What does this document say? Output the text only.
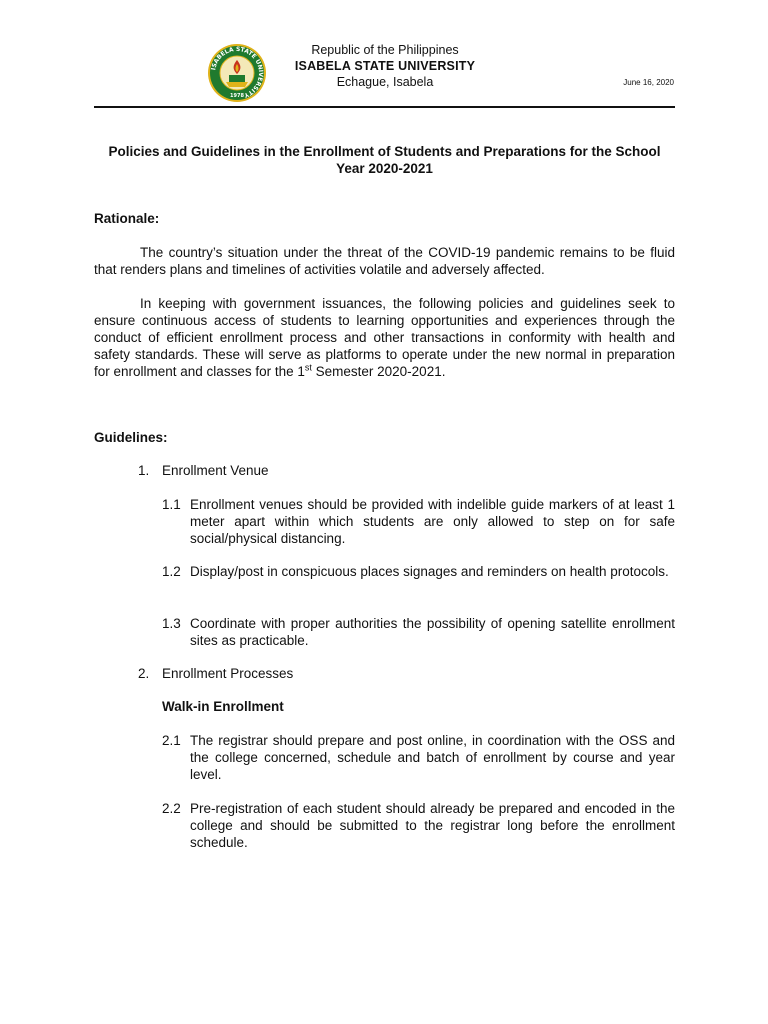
ISABELA STATE UNIVERSITY
1978
Republic of the Philippines
ISABELA STATE UNIVERSITY
Echague, Isabela	June 16, 2020
Policies and Guidelines in the Enrollment of Students and Preparations for the School Year 2020-2021
Rationale:
The country’s situation under the threat of the COVID-19 pandemic remains to be fluid that renders plans and timelines of activities volatile and adversely affected.
In keeping with government issuances, the following policies and guidelines seek to ensure continuous access of students to learning opportunities and experiences through the conduct of efficient enrollment process and other transactions in conformity with health and safety standards. These will serve as platforms to operate under the new normal in preparation for enrollment and classes for the 1st Semester 2020-2021.
Guidelines:
1. Enrollment Venue
1.1 Enrollment venues should be provided with indelible guide markers of at least 1 meter apart within which students are only allowed to step on for safe social/physical distancing.
1.2 Display/post in conspicuous places signages and reminders on health protocols.
1.3 Coordinate with proper authorities the possibility of opening satellite enrollment sites as practicable.
2. Enrollment Processes
Walk-in Enrollment
2.1 The registrar should prepare and post online, in coordination with the OSS and the college concerned, schedule and batch of enrollment by course and year level.
2.2 Pre-registration of each student should already be prepared and encoded in the college and should be submitted to the registrar long before the enrollment schedule.
